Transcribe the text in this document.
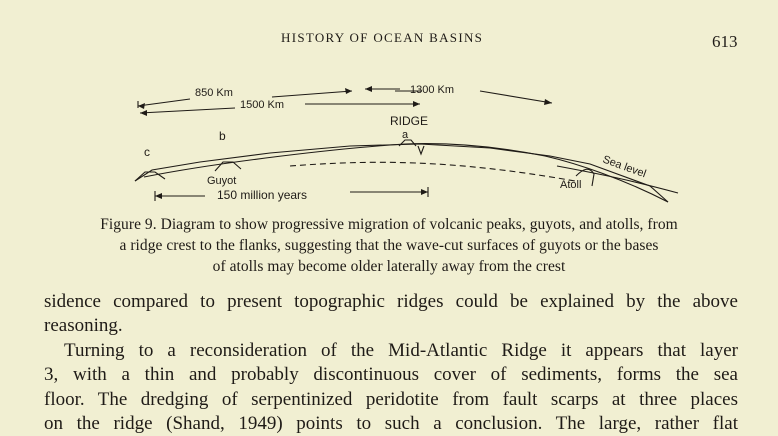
HISTORY OF OCEAN BASINS	613
850 Km	1300 Km
1500 Km
RIDGE
a
b
c
Guyot	Atoll
Sea level
150 million years
Figure 9. Diagram to show progressive migration of volcanic peaks, guyots, and atolls, from
a ridge crest to the flanks, suggesting that the wave-cut surfaces of guyots or the bases
of atolls may become older laterally away from the crest
sidence compared to present topographic ridges could be explained by the above
reasoning.
Turning to a reconsideration of the Mid-Atlantic Ridge it appears that layer
3, with a thin and probably discontinuous cover of sediments, forms the sea
floor. The dredging of serpentinized peridotite from fault scarps at three places
on the ridge (Shand, 1949) points to such a conclusion. The large, rather flat
